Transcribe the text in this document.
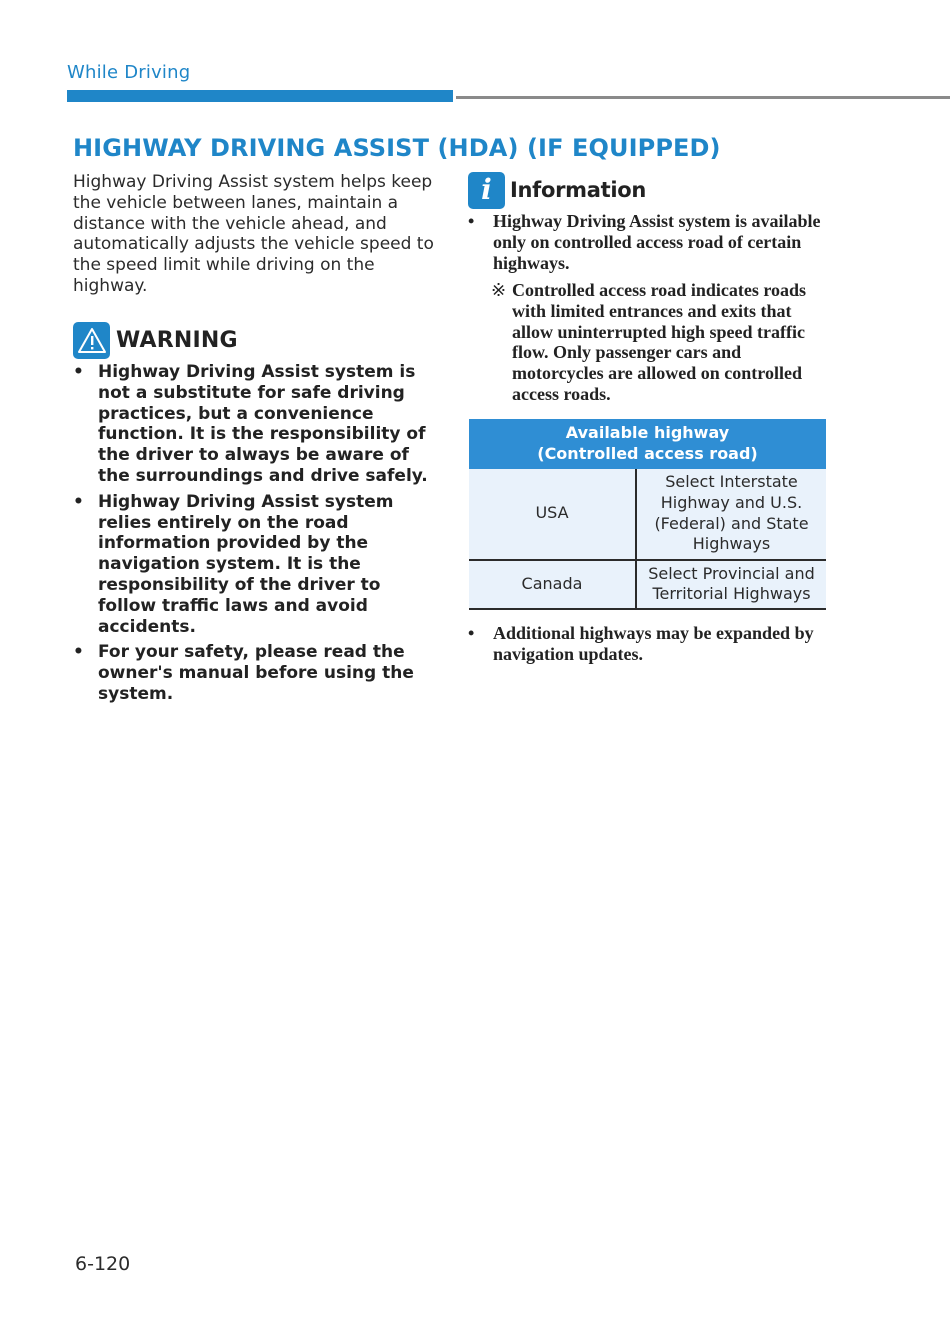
While Driving
HIGHWAY DRIVING ASSIST (HDA) (IF EQUIPPED)

Highway Driving Assist system helps keep the vehicle between lanes, maintain a distance with the vehicle ahead, and automatically adjusts the vehicle speed to the speed limit while driving on the highway.

WARNING
• Highway Driving Assist system is not a substitute for safe driving practices, but a convenience function. It is the responsibility of the driver to always be aware of the surroundings and drive safely.
• Highway Driving Assist system relies entirely on the road information provided by the navigation system. It is the responsibility of the driver to follow traffic laws and avoid accidents.
• For your safety, please read the owner's manual before using the system.
i Information
• Highway Driving Assist system is available only on controlled access road of certain highways.
※ Controlled access road indicates roads with limited entrances and exits that allow uninterrupted high speed traffic flow. Only passenger cars and motorcycles are allowed on controlled access roads.
Available highway
(Controlled access road)	
USA	Select Interstate Highway and U.S. (Federal) and State Highways
Canada	Select Provincial and Territorial Highways
• Additional highways may be expanded by navigation updates.
6-120
